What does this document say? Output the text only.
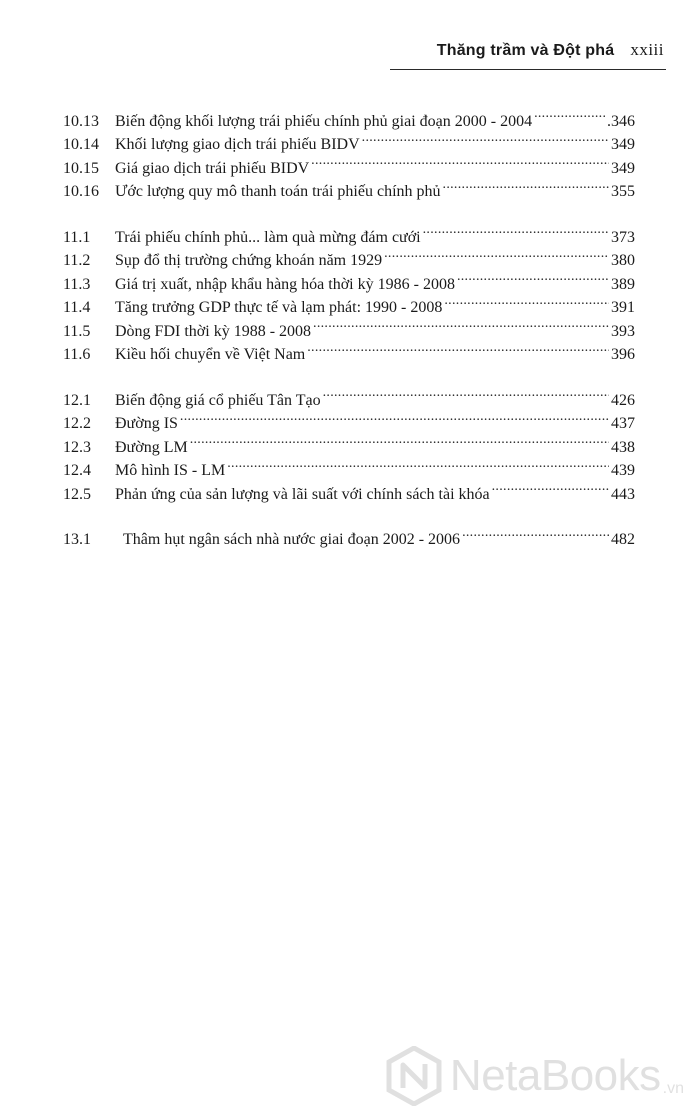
Thăng trầm và Đột phá xxiii
10.13	Biến động khối lượng trái phiếu chính phủ giai đoạn 2000 - 2004 .....	.346
10.14	Khối lượng giao dịch trái phiếu BIDV .....	349
10.15	Giá giao dịch trái phiếu BIDV .....	349
10.16	Ước lượng quy mô thanh toán trái phiếu chính phủ .....	355
11.1	Trái phiếu chính phủ... làm quà mừng đám cưới .....	373
11.2	Sụp đổ thị trường chứng khoán năm 1929 .....	380
11.3	Giá trị xuất, nhập khẩu hàng hóa thời kỳ 1986 - 2008 .....	389
11.4	Tăng trưởng GDP thực tế và lạm phát: 1990 - 2008 .....	391
11.5	Dòng FDI thời kỳ 1988 - 2008 .....	393
11.6	Kiều hối chuyển về Việt Nam .....	396
12.1	Biến động giá cổ phiếu Tân Tạo .....	426
12.2	Đường IS .....	437
12.3	Đường LM .....	438
12.4	Mô hình IS - LM .....	439
12.5	Phản ứng của sản lượng và lãi suất với chính sách tài khóa .....	443
13.1	Thâm hụt ngân sách nhà nước giai đoạn 2002 - 2006 .....	482
NetaBooks .vn
